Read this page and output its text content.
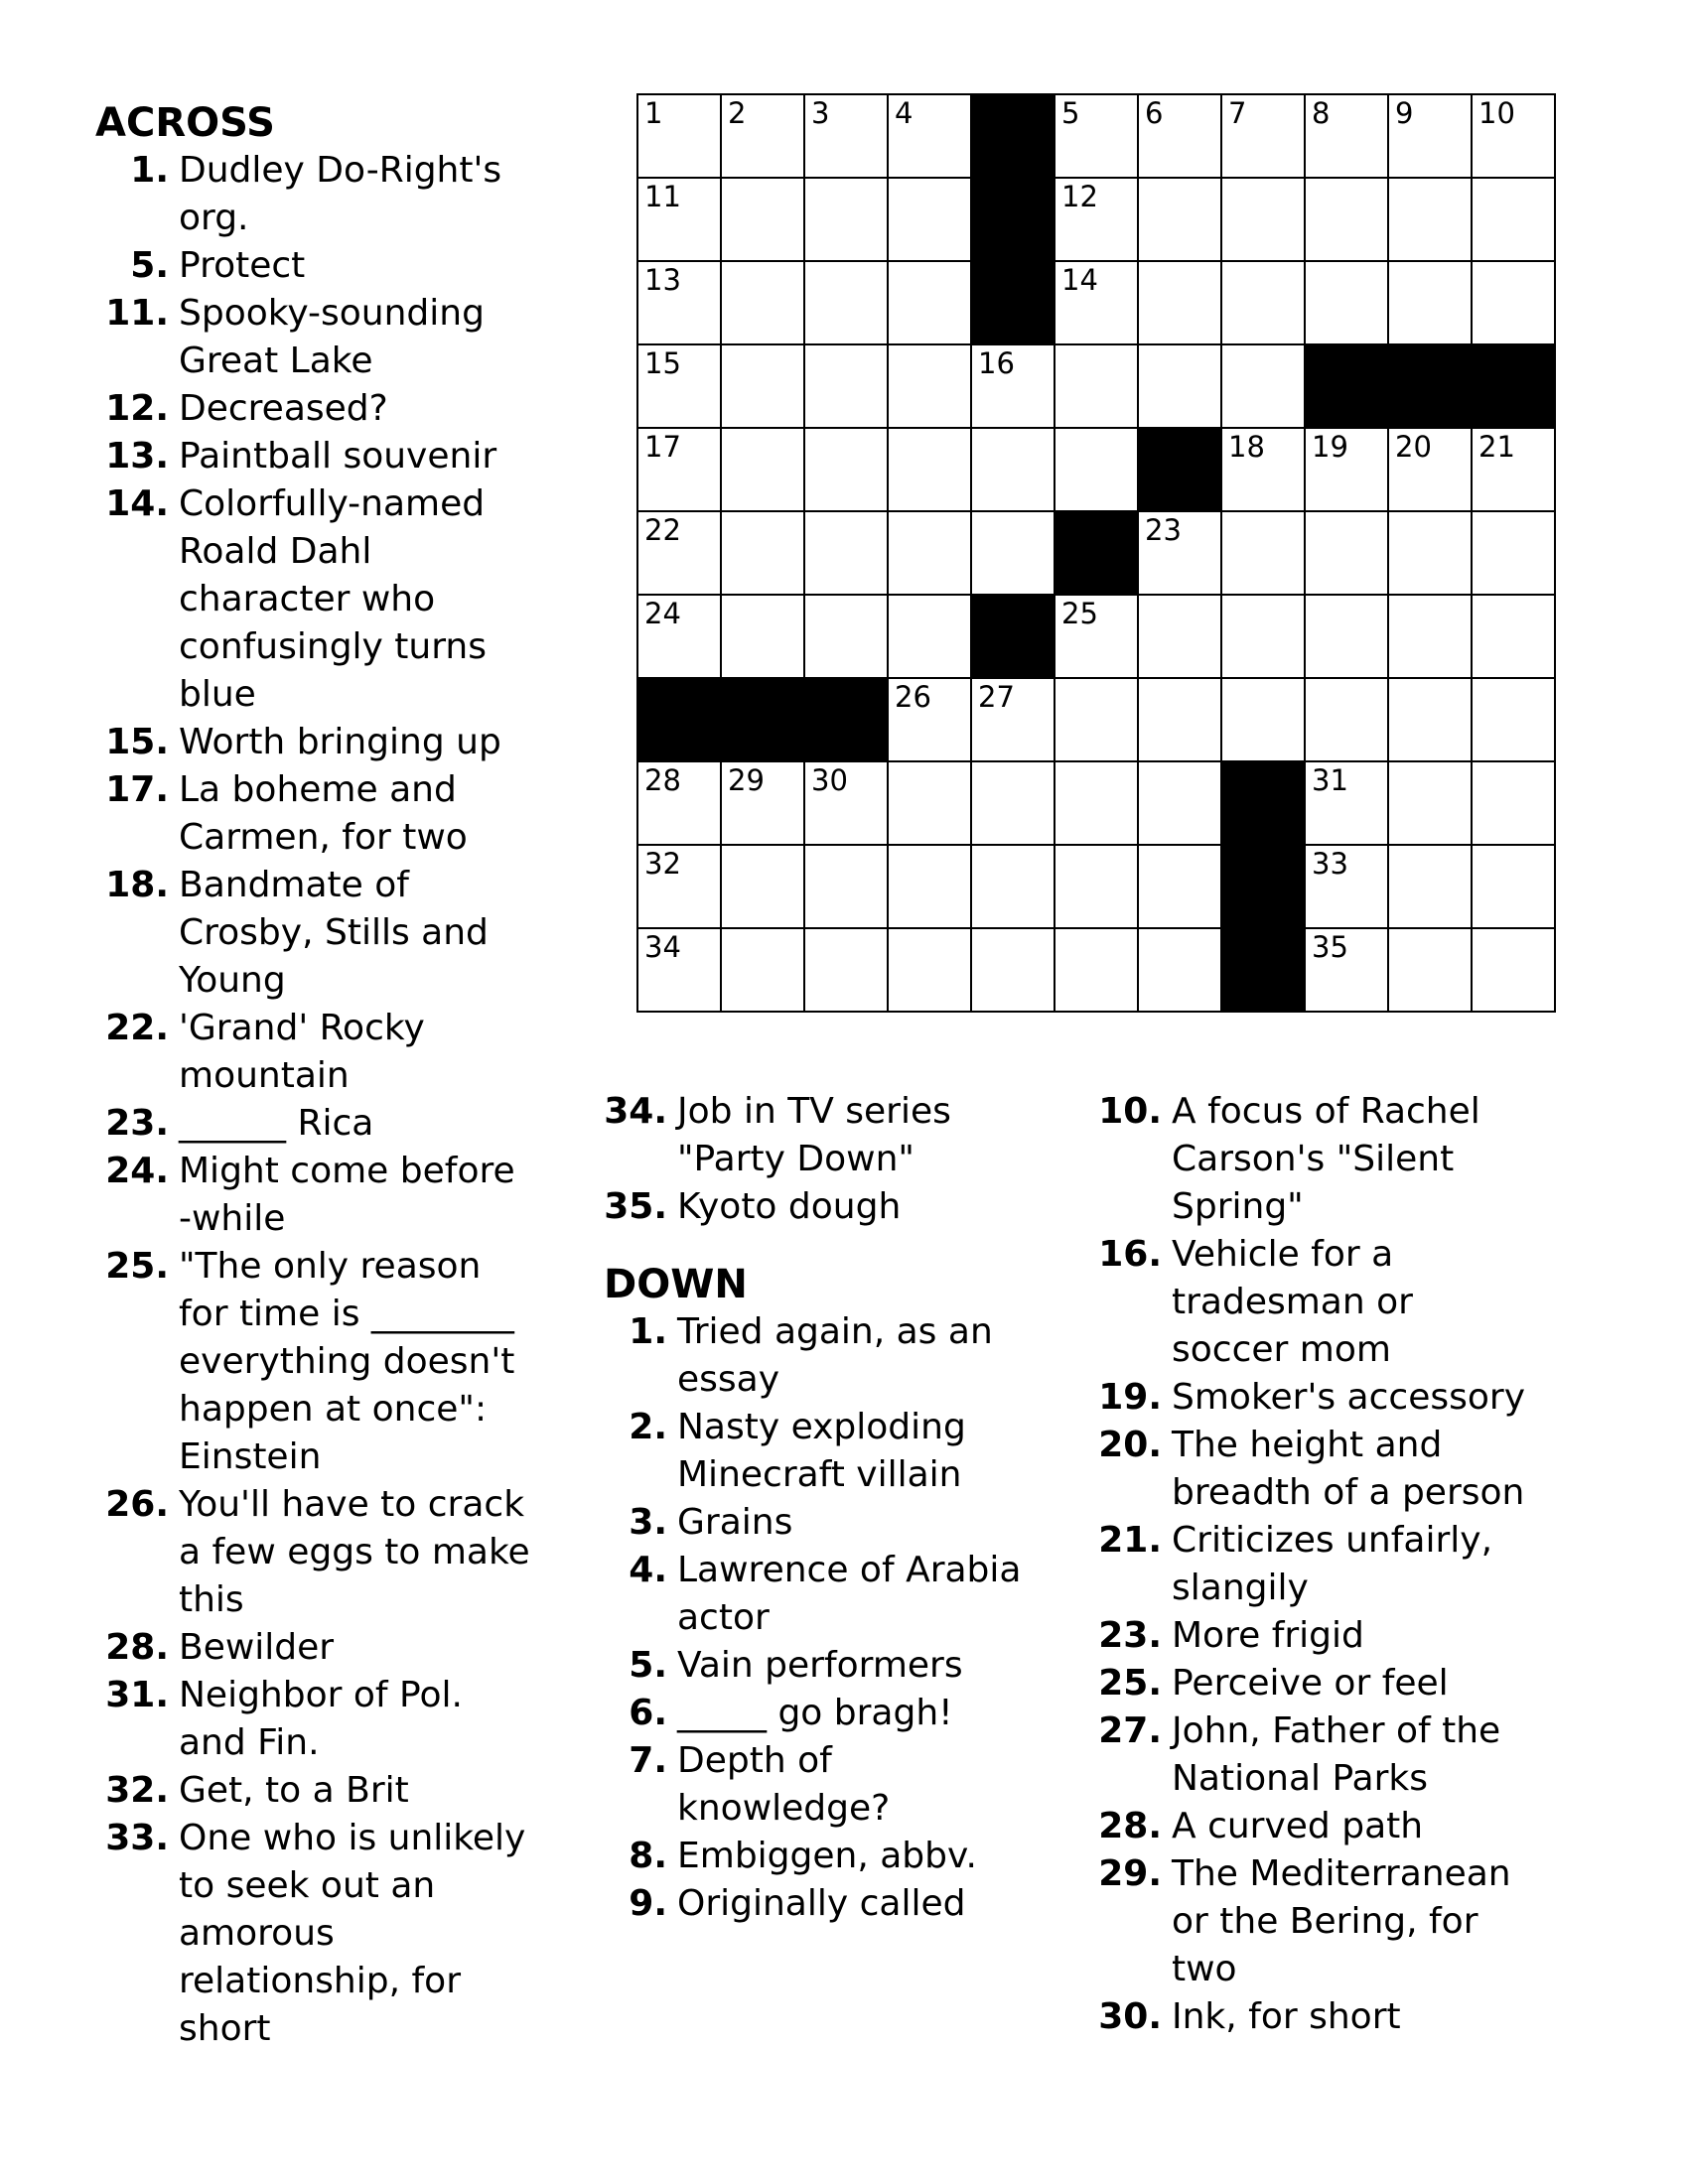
1 2 3 4	5 6 7 8 9 10
11	12
13	14
15	16
17	18 19 20 21
22	23
24	25
26 27
28 29 30	31
32	33
34	35
ACROSS
1. Dudley Do-Right's org.
5. Protect
11. Spooky-sounding Great Lake
12. Decreased?
13. Paintball souvenir
14. Colorfully-named Roald Dahl character who confusingly turns blue
15. Worth bringing up
17. La boheme and Carmen, for two
18. Bandmate of Crosby, Stills and Young
22. 'Grand' Rocky mountain
23. ______ Rica
24. Might come before -while
25. "The only reason for time is ________ everything doesn't happen at once": Einstein
26. You'll have to crack a few eggs to make this
28. Bewilder
31. Neighbor of Pol. and Fin.
32. Get, to a Brit
33. One who is unlikely to seek out an amorous relationship, for short
34. Job in TV series "Party Down"
35. Kyoto dough
DOWN
1. Tried again, as an essay
2. Nasty exploding Minecraft villain
3. Grains
4. Lawrence of Arabia actor
5. Vain performers
6. _____ go bragh!
7. Depth of knowledge?
8. Embiggen, abbv.
9. Originally called
10. A focus of Rachel Carson's "Silent Spring"
16. Vehicle for a tradesman or soccer mom
19. Smoker's accessory
20. The height and breadth of a person
21. Criticizes unfairly, slangily
23. More frigid
25. Perceive or feel
27. John, Father of the National Parks
28. A curved path
29. The Mediterranean or the Bering, for two
30. Ink, for short
